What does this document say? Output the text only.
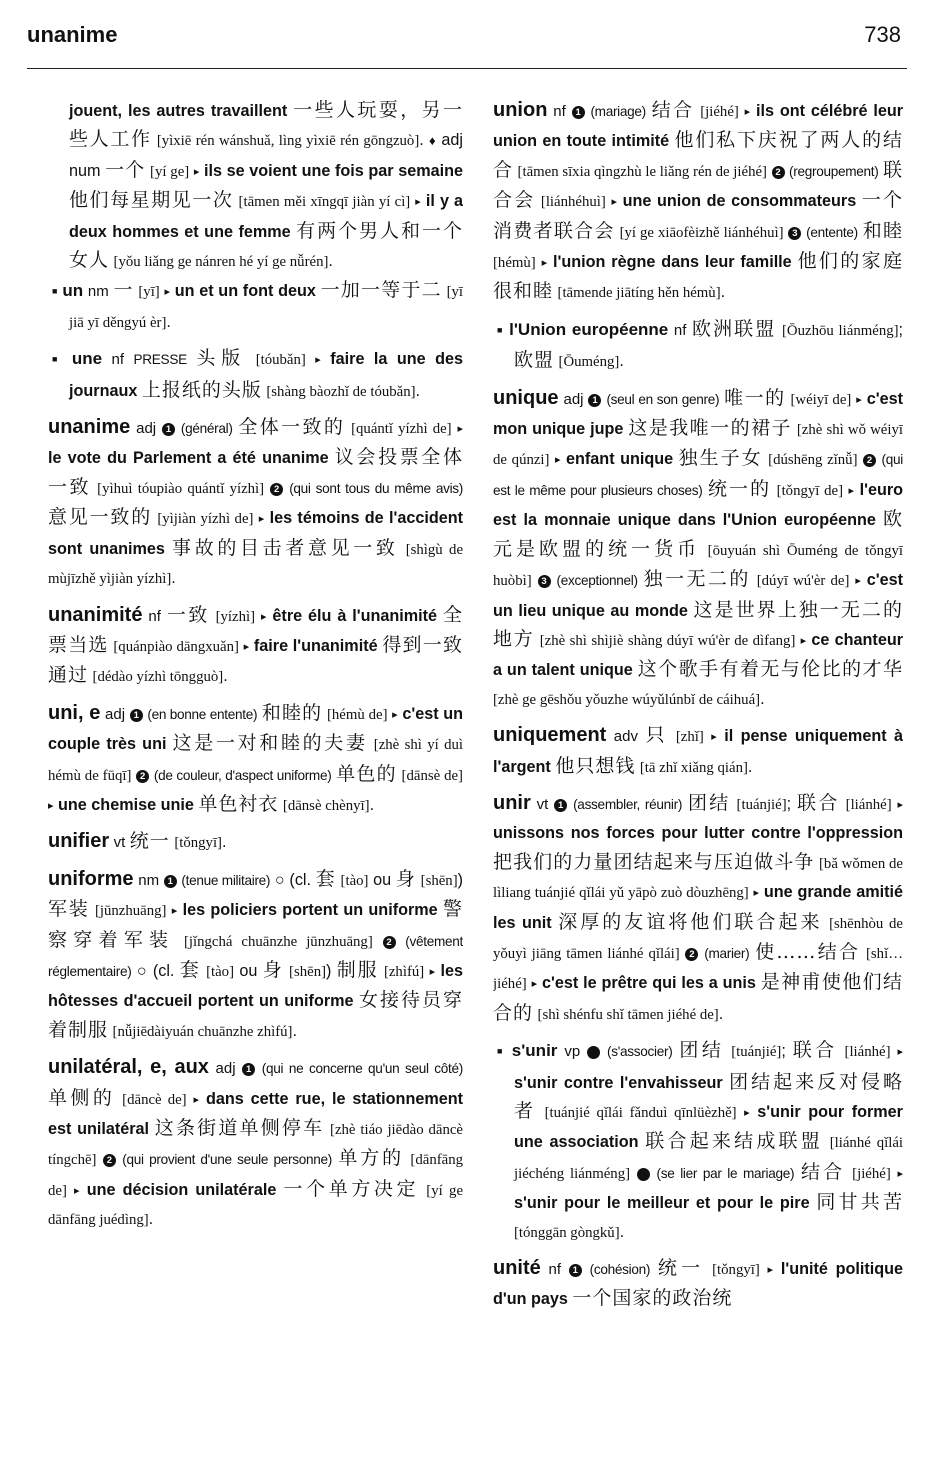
unanime	738
jouent, les autres travaillent 一些人玩耍，另一些人工作 [yìxiē rén wánshuǎ, lìng yìxiē rén gōngzuò]. ♦ adj num 一个 [yí ge] ▸ ils se voient une fois par semaine 他们每星期见一次 [tāmen měi xīngqī jiàn yí cì] ▸ il y a deux hommes et une femme 有两个男人和一个女人 [yǒu liǎng ge nánren hé yí ge nǚrén].
■ un nm 一 [yī] ▸ un et un font deux 一加一等于二 [yī jiā yī děngyú èr].
■ une nf PRESSE 头版 [tóubǎn] ▸ faire la une des journaux 上报纸的头版 [shàng bàozhǐ de tóubǎn].
unanime adj 1 (général) 全体一致的 [quántǐ yízhì de] ▸ le vote du Parlement a été unanime 议会投票全体一致 [yìhuì tóupiào quántǐ yízhì] 2 (qui sont tous du même avis) 意见一致的 [yìjiàn yízhì de] ▸ les témoins de l'accident sont unanimes 事故的目击者意见一致 [shìgù de mùjīzhě yìjiàn yízhì].
unanimité nf 一致 [yízhì] ▸ être élu à l'unanimité 全票当选 [quánpiào dāngxuǎn] ▸ faire l'unanimité 得到一致通过 [dédào yízhì tōngguò].
uni, e adj 1 (en bonne entente) 和睦的 [hémù de] ▸ c'est un couple très uni 这是一对和睦的夫妻 [zhè shì yí duì hémù de fūqī] 2 (de couleur, d'aspect uniforme) 单色的 [dānsè de] ▸ une chemise unie 单色衬衣 [dānsè chènyī].
unifier vt 统一 [tǒngyī].
uniforme nm 1 (tenue militaire) ○ (cl. 套 [tào] ou 身 [shēn]) 军装 [jūnzhuāng] ▸ les policiers portent un uniforme 警察穿着军装 [jǐngchá chuānzhe jūnzhuāng] 2 (vêtement réglementaire) ○ (cl. 套 [tào] ou 身 [shēn]) 制服 [zhìfú] ▸ les hôtesses d'accueil portent un uniforme 女接待员穿着制服 [nǚjiēdàiyuán chuānzhe zhìfú].
unilatéral, e, aux adj 1 (qui ne concerne qu'un seul côté) 单侧的 [dāncè de] ▸ dans cette rue, le stationnement est unilatéral 这条街道单侧停车 [zhè tiáo jiēdào dāncè tíngchē] 2 (qui provient d'une seule personne) 单方的 [dānfāng de] ▸ une décision unilatérale 一个单方决定 [yí ge dānfāng juédìng].
union nf 1 (mariage) 结合 [jiéhé] ▸ ils ont célébré leur union en toute intimité 他们私下庆祝了两人的结合 [tāmen sīxia qìngzhù le liǎng rén de jiéhé] 2 (regroupement) 联合会 [liánhéhuì] ▸ une union de consommateurs 一个消费者联合会 [yí ge xiāofèizhě liánhéhuì] 3 (entente) 和睦 [hémù] ▸ l'union règne dans leur famille 他们的家庭很和睦 [tāmende jiātíng hěn hémù].
■ l'Union européenne nf 欧洲联盟 [Ōuzhōu liánméng]; 欧盟 [Ōuméng].
unique adj 1 (seul en son genre) 唯一的 [wéiyī de] ▸ c'est mon unique jupe 这是我唯一的裙子 [zhè shì wǒ wéiyī de qúnzi] ▸ enfant unique 独生子女 [dúshēng zǐnǚ] 2 (qui est le même pour plusieurs choses) 统一的 [tǒngyī de] ▸ l'euro est la monnaie unique dans l'Union européenne 欧元是欧盟的统一货币 [ōuyuán shì Ōuméng de tǒngyī huòbì] 3 (exceptionnel) 独一无二的 [dúyī wú'èr de] ▸ c'est un lieu unique au monde 这是世界上独一无二的地方 [zhè shì shìjiè shàng dúyī wú'èr de dìfang] ▸ ce chanteur a un talent unique 这个歌手有着无与伦比的才华 [zhè ge gēshǒu yǒuzhe wúyǔlúnbǐ de cáihuá].
uniquement adv 只 [zhǐ] ▸ il pense uniquement à l'argent 他只想钱 [tā zhǐ xiǎng qián].
unir vt 1 (assembler, réunir) 团结 [tuánjié]; 联合 [liánhé] ▸ unissons nos forces pour lutter contre l'oppression 把我们的力量团结起来与压迫做斗争 [bǎ wǒmen de lìliang tuánjié qǐlái yǔ yāpò zuò dòuzhēng] ▸ une grande amitié les unit 深厚的友谊将他们联合起来 [shēnhòu de yǒuyì jiāng tāmen liánhé qǐlái] 2 (marier) 使……结合 [shǐ… jiéhé] ▸ c'est le prêtre qui les a unis 是神甫使他们结合的 [shì shénfu shǐ tāmen jiéhé de].
■ s'unir vp 1 (s'associer) 团结 [tuánjié]; 联合 [liánhé] ▸ s'unir contre l'envahisseur 团结起来反对侵略者 [tuánjié qǐlái fǎnduì qīnlüèzhě] ▸ s'unir pour former une association 联合起来结成联盟 [liánhé qǐlái jiéchéng liánméng] 2 (se lier par le mariage) 结合 [jiéhé] ▸ s'unir pour le meilleur et pour le pire 同甘共苦 [tónggān gòngkǔ].
unité nf 1 (cohésion) 统一 [tǒngyī] ▸ l'unité politique d'un pays 一个国家的政治统
